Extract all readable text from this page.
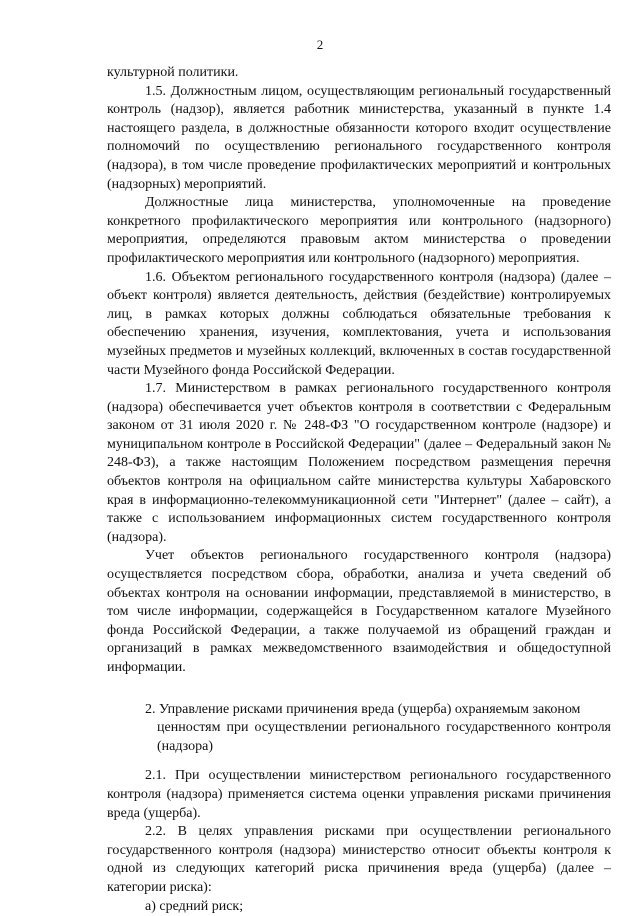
2

культурной политики.

1.5. Должностным лицом, осуществляющим региональный государственный контроль (надзор), является работник министерства, указанный в пункте 1.4 настоящего раздела, в должностные обязанности которого входит осуществление полномочий по осуществлению регионального государственного контроля (надзора), в том числе проведение профилактических мероприятий и контрольных (надзорных) мероприятий.

Должностные лица министерства, уполномоченные на проведение конкретного профилактического мероприятия или контрольного (надзорного) мероприятия, определяются правовым актом министерства о проведении профилактического мероприятия или контрольного (надзорного) мероприятия.

1.6. Объектом регионального государственного контроля (надзора) (далее – объект контроля) является деятельность, действия (бездействие) контролируемых лиц, в рамках которых должны соблюдаться обязательные требования к обеспечению хранения, изучения, комплектования, учета и использования музейных предметов и музейных коллекций, включенных в состав государственной части Музейного фонда Российской Федерации.

1.7. Министерством в рамках регионального государственного контроля (надзора) обеспечивается учет объектов контроля в соответствии с Федеральным законом от 31 июля 2020 г. № 248-ФЗ "О государственном контроле (надзоре) и муниципальном контроле в Российской Федерации" (далее – Федеральный закон № 248-ФЗ), а также настоящим Положением посредством размещения перечня объектов контроля на официальном сайте министерства культуры Хабаровского края в информационно-телекоммуникационной сети "Интернет" (далее – сайт), а также с использованием информационных систем государственного контроля (надзора).

Учет объектов регионального государственного контроля (надзора) осуществляется посредством сбора, обработки, анализа и учета сведений об объектах контроля на основании информации, представляемой в министерство, в том числе информации, содержащейся в Государственном каталоге Музейного фонда Российской Федерации, а также получаемой из обращений граждан и организаций в рамках межведомственного взаимодействия и общедоступной информации.

2. Управление рисками причинения вреда (ущерба) охраняемым законом
ценностям при осуществлении регионального государственного контроля (надзора)

2.1. При осуществлении министерством регионального государственного контроля (надзора) применяется система оценки управления рисками причинения вреда (ущерба).

2.2. В целях управления рисками при осуществлении регионального государственного контроля (надзора) министерство относит объекты контроля к одной из следующих категорий риска причинения вреда (ущерба) (далее – категории риска):

а) средний риск;
